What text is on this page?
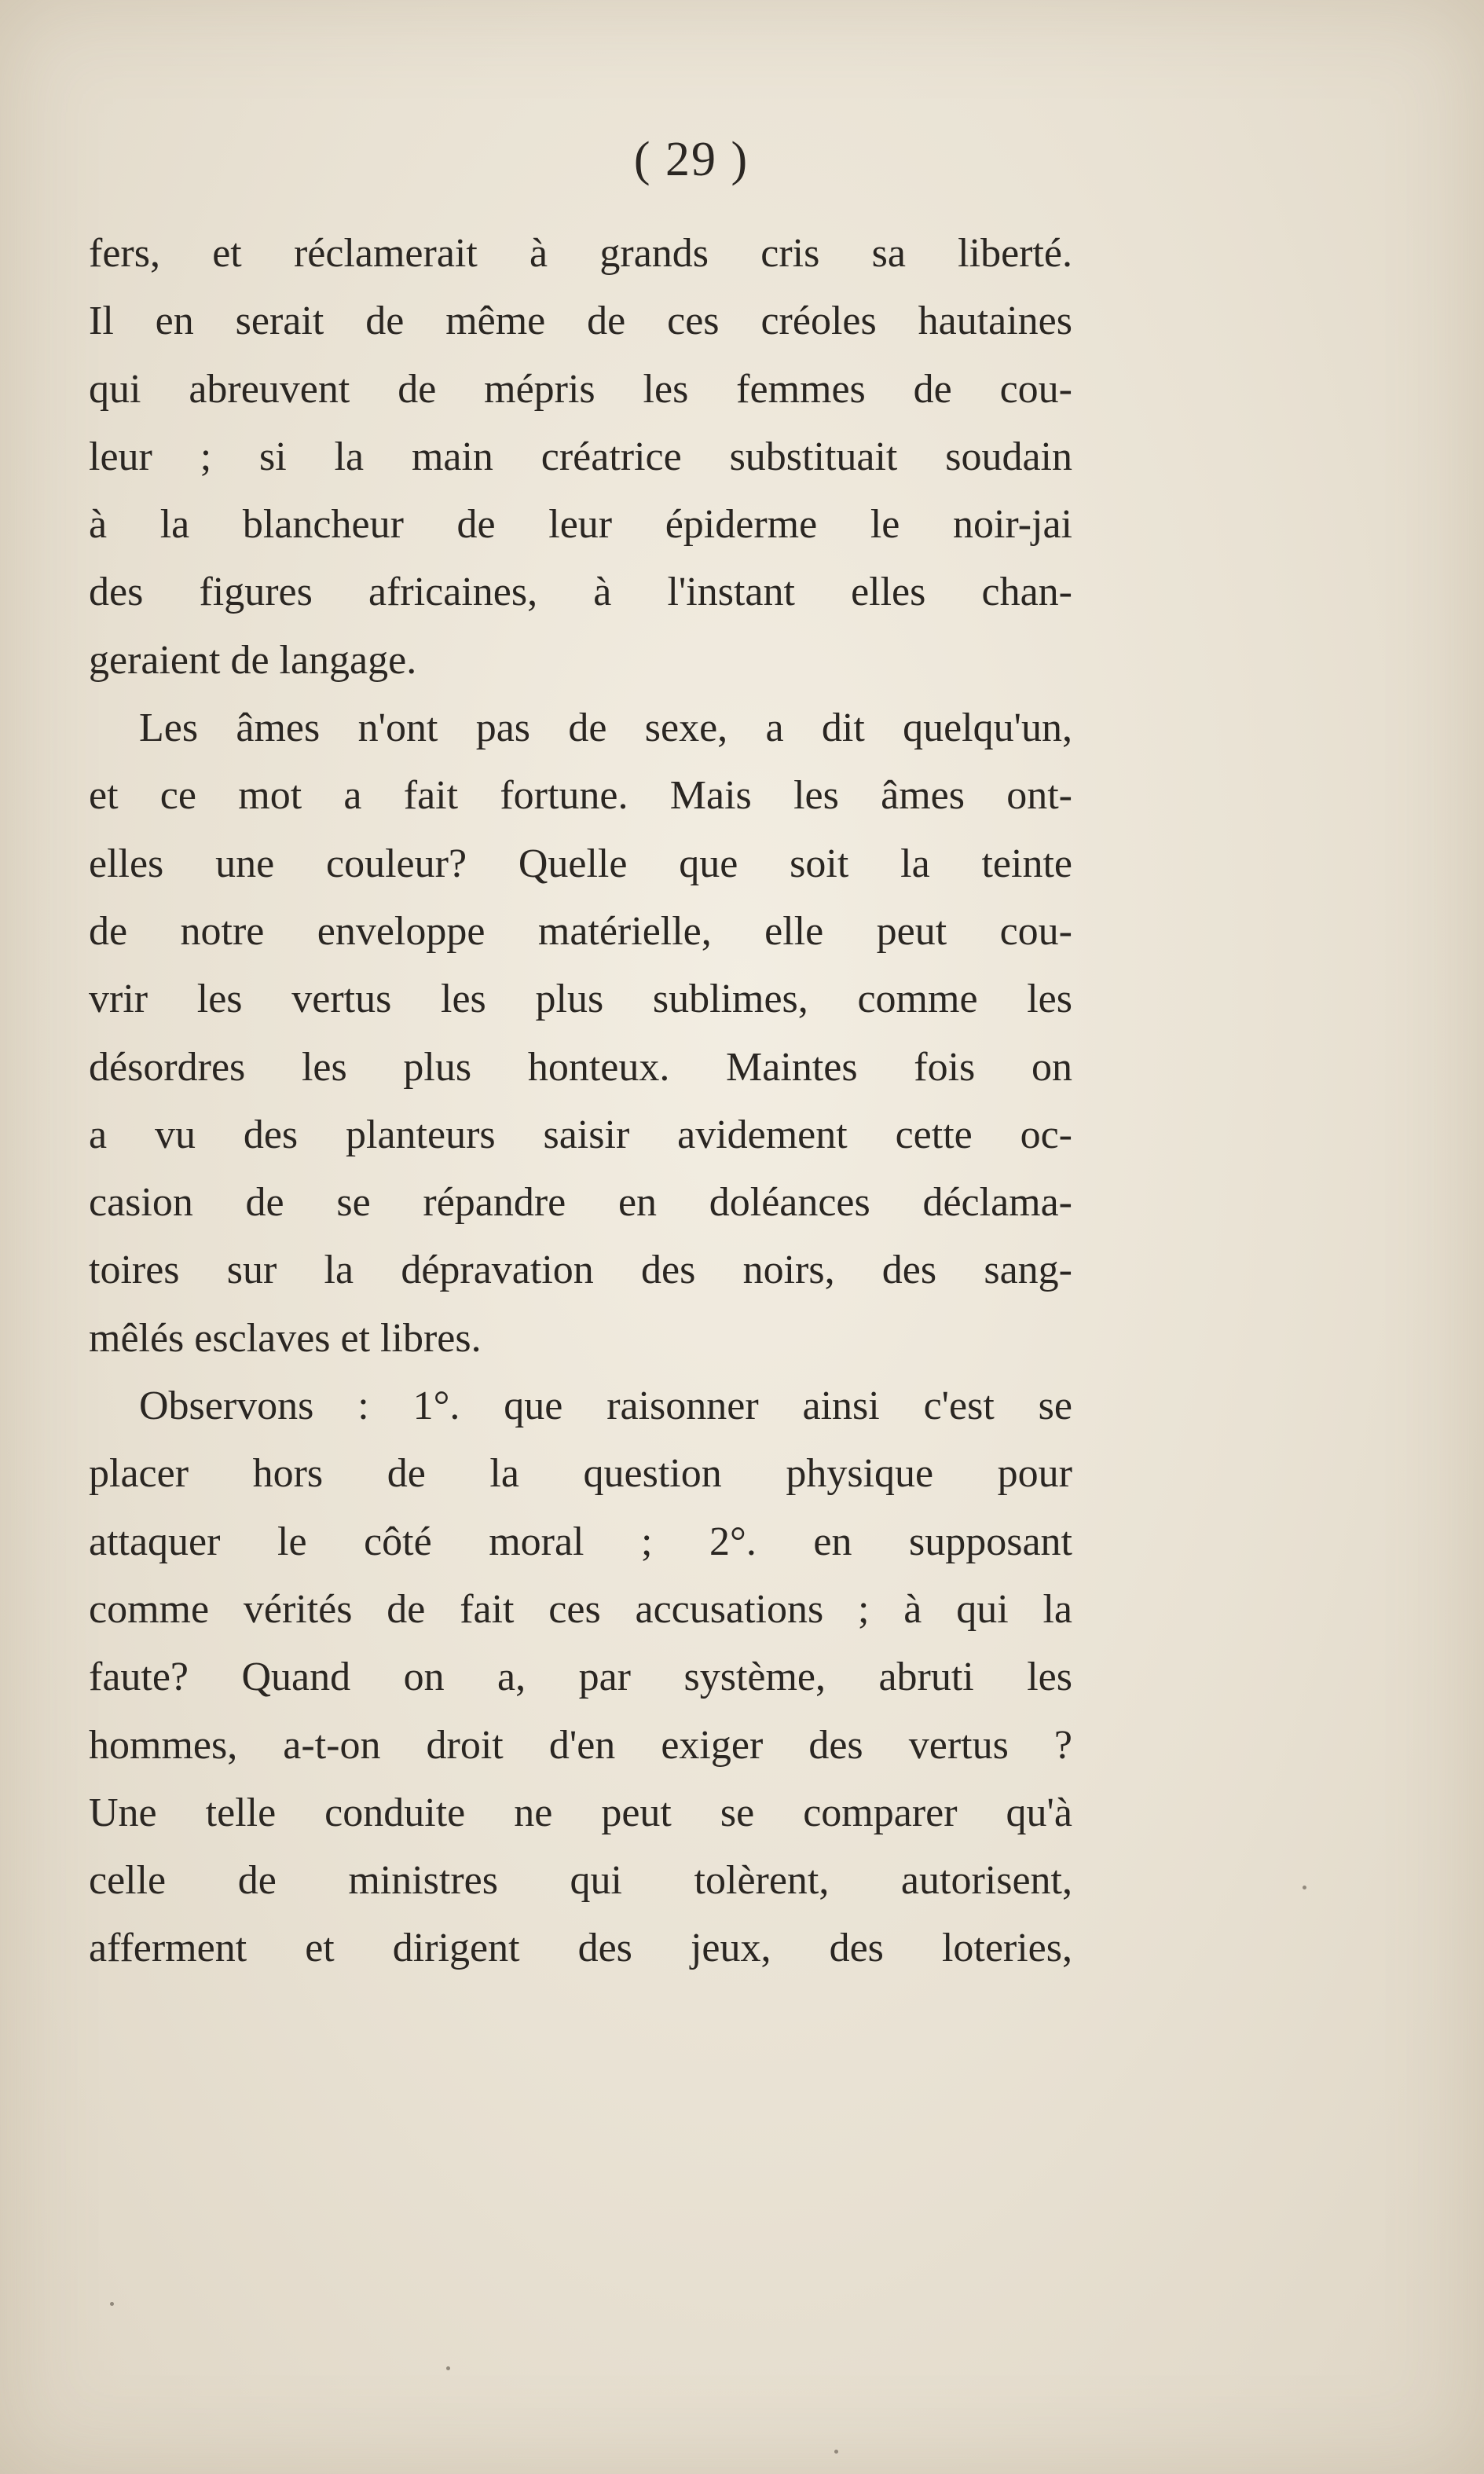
( 29 )
fers, et réclamerait à grands cris sa liberté.
Il en serait de même de ces créoles hautaines
qui abreuvent de mépris les femmes de cou-
leur ; si la main créatrice substituait soudain
à la blancheur de leur épiderme le noir-jai
des figures africaines, à l'instant elles chan-
geraient de langage.
Les âmes n'ont pas de sexe, a dit quelqu'un,
et ce mot a fait fortune. Mais les âmes ont-
elles une couleur? Quelle que soit la teinte
de notre enveloppe matérielle, elle peut cou-
vrir les vertus les plus sublimes, comme les
désordres les plus honteux. Maintes fois on
a vu des planteurs saisir avidement cette oc-
casion de se répandre en doléances déclama-
toires sur la dépravation des noirs, des sang-
mêlés esclaves et libres.
Observons : 1°. que raisonner ainsi c'est se
placer hors de la question physique pour
attaquer le côté moral ; 2°. en supposant
comme vérités de fait ces accusations ; à qui la
faute? Quand on a, par système, abruti les
hommes, a-t-on droit d'en exiger des vertus ?
Une telle conduite ne peut se comparer qu'à
celle de ministres qui tolèrent, autorisent,
afferment et dirigent des jeux, des loteries,
